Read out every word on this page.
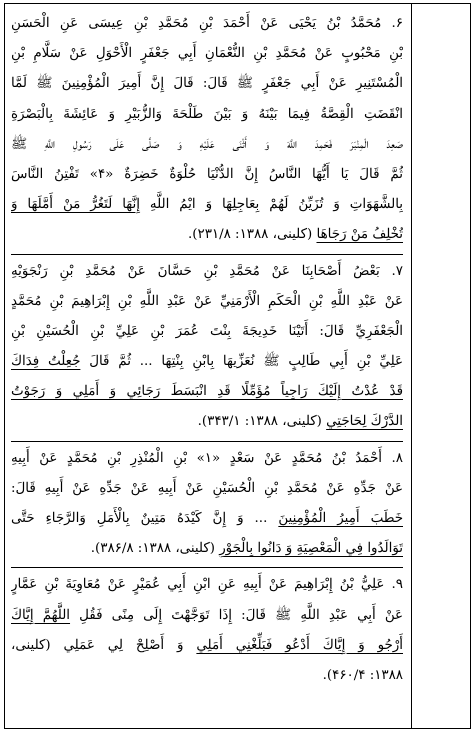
۶. مُحَمَّدُ بْنُ يَحْيَى عَنْ أَحْمَدَ بْنِ مُحَمَّدِ بْنِ عِيسَى عَنِ الْحَسَنِ
بْنِ مَحْبُوبٍ عَنْ مُحَمَّدِ بْنِ النُّعْمَانِ أَبِي جَعْفَرٍ الْأَحْوَلِ عَنْ سَلَّامِ بْنِ
الْمُسْتَنِيرِ عَنْ أَبِي جَعْفَرٍ ﷺ قَالَ: قَالَ إِنَّ أَمِيرَ الْمُؤْمِنِينَ ﷺ لَمَّا
انْقَضَتِ الْقِصَّةُ فِيمَا بَيْنَهُ وَ بَيْنَ طَلْحَةَ وَالزُّبَيْرِ وَ عَائِشَةَ بِالْبَصْرَةِ
صَعِدَ الْمِنْبَرَ فَحَمِدَ اللَّهَ وَ أَثْنَى عَلَيْهِ وَ صَلَّى عَلَى رَسُولِ اللَّهِ ﷺ
ثُمَّ قَالَ يَا أَيُّهَا النَّاسُ إِنَّ الدُّنْيَا حُلْوَةٌ خَضِرَةٌ «۴» تَفْتِنُ النَّاسَ
بِالشَّهَوَاتِ وَ تُزَيِّنُ لَهُمْ بِعَاجِلِهَا وَ ايْمُ اللَّهِ إِنَّهَا لَتَغُرُّ مَنْ أَمَّلَهَا وَ
تُخْلِفُ مَنْ رَجَاهَا (كلينى، ۱۳۸۸: ۲۳۱/۸).
۷. بَعْضُ أَصْحَابِنَا عَنْ مُحَمَّدِ بْنِ حَسَّانَ عَنْ مُحَمَّدِ بْنِ رَنْجَوَيْهِ
عَنْ عَبْدِ اللَّهِ بْنِ الْحَكَمِ الْأَرْمَنِيِّ عَنْ عَبْدِ اللَّهِ بْنِ إِبْرَاهِيمَ بْنِ مُحَمَّدٍ
الْجَعْفَرِيِّ قَالَ: أَتَيْنَا خَدِيجَةَ بِنْتَ عُمَرَ بْنِ عَلِيِّ بْنِ الْحُسَيْنِ بْنِ
عَلِيِّ بْنِ أَبِي طَالِبٍ ﷺ نُعَزِّيهَا بِابْنِ بِنْتِهَا ... ثُمَّ قَالَ جُعِلْتُ فِدَاكَ
قَدْ عُدْتُ إِلَيْكَ رَاجِياً مُؤَمِّلًا قَدِ انْبَسَطَ رَجَائِي وَ أَمَلِي وَ رَجَوْتُ
الدَّرْكَ لِحَاجَتِي (كلينى، ۱۳۸۸: ۳۴۳/۱).
۸. أَحْمَدُ بْنُ مُحَمَّدٍ عَنْ سَعْدٍ «۱» بْنِ الْمُنْذِرِ بْنِ مُحَمَّدٍ عَنْ أَبِيهِ
عَنْ جَدِّهِ عَنْ مُحَمَّدِ بْنِ الْحُسَيْنِ عَنْ أَبِيهِ عَنْ جَدِّهِ عَنْ أَبِيهِ قَالَ:
خَطَبَ أَمِيرُ الْمُؤْمِنِينَ ... وَ إِنَّ كَيْدَهُ مَتِينٌ بِالْأَمَلِ وَالرَّجَاءِ حَتَّى
تَوَالَدُوا فِي الْمَعْصِيَةِ وَ دَانُوا بِالْجَوْرِ (كلينى، ۱۳۸۸: ۳۸۶/۸).
۹. عَلِيُّ بْنُ إِبْرَاهِيمَ عَنْ أَبِيهِ عَنِ ابْنِ أَبِي عُمَيْرٍ عَنْ مُعَاوِيَةَ بْنِ عَمَّارٍ
عَنْ أَبِي عَبْدِ اللَّهِ ﷺ قَالَ: إِذَا تَوَجَّهْتَ إِلَى مِنًى فَقُلِ اللَّهُمَّ إِيَّاكَ
أَرْجُو وَ إِيَّاكَ أَدْعُو فَبَلِّغْنِي أَمَلِي وَ أَصْلِحْ لِي عَمَلِي (كلينى،
۱۳۸۸: ۴۶۰/۴).
